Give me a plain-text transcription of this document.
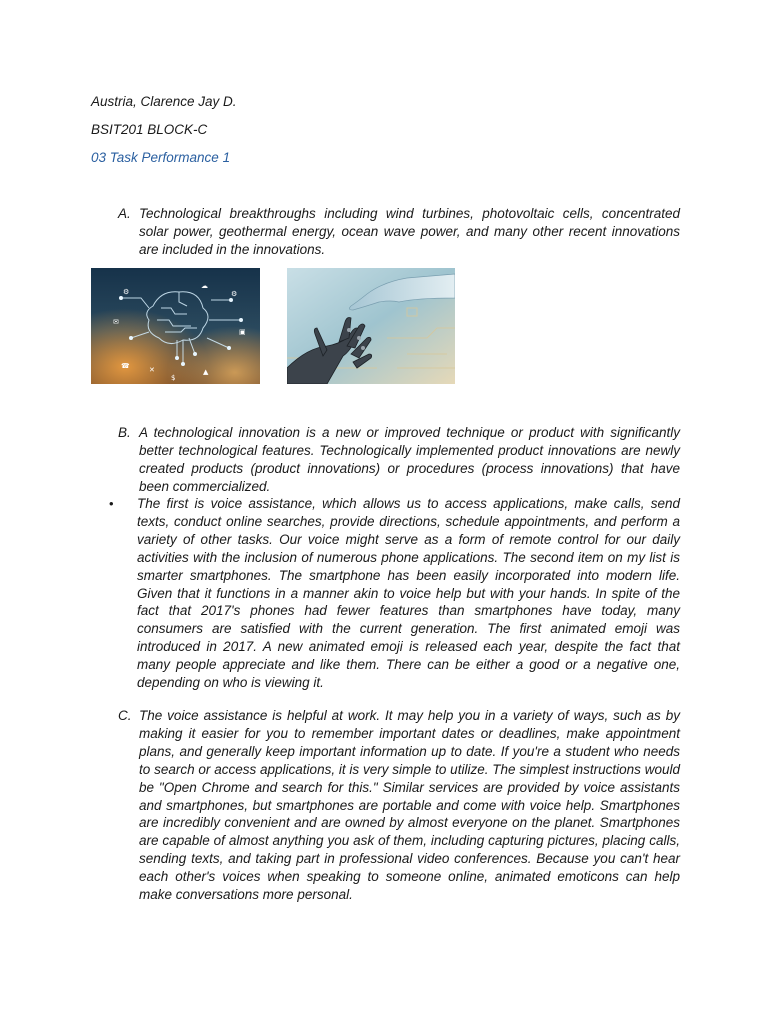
Austria, Clarence Jay D.
BSIT201 BLOCK-C
03 Task Performance 1
A. Technological breakthroughs including wind turbines, photovoltaic cells, concentrated solar power, geothermal energy, ocean wave power, and many other recent innovations are included in the innovations.
⚙
☁
⚙
✉
▣
☎	✕
$
▲
B. A technological innovation is a new or improved technique or product with significantly better technological features. Technologically implemented product innovations are newly created products (product innovations) or procedures (process innovations) that have been commercialized.
• The first is voice assistance, which allows us to access applications, make calls, send texts, conduct online searches, provide directions, schedule appointments, and perform a variety of other tasks. Our voice might serve as a form of remote control for our daily activities with the inclusion of numerous phone applications. The second item on my list is smarter smartphones. The smartphone has been easily incorporated into modern life. Given that it functions in a manner akin to voice help but with your hands. In spite of the fact that 2017's phones had fewer features than smartphones have today, many consumers are satisfied with the current generation. The first animated emoji was introduced in 2017. A new animated emoji is released each year, despite the fact that many people appreciate and like them. There can be either a good or a negative one, depending on who is viewing it.
C. The voice assistance is helpful at work. It may help you in a variety of ways, such as by making it easier for you to remember important dates or deadlines, make appointment plans, and generally keep important information up to date. If you're a student who needs to search or access applications, it is very simple to utilize. The simplest instructions would be "Open Chrome and search for this." Similar services are provided by voice assistants and smartphones, but smartphones are portable and come with voice help. Smartphones are incredibly convenient and are owned by almost everyone on the planet. Smartphones are capable of almost anything you ask of them, including capturing pictures, placing calls, sending texts, and taking part in professional video conferences. Because you can't hear each other's voices when speaking to someone online, animated emoticons can help make conversations more personal.
